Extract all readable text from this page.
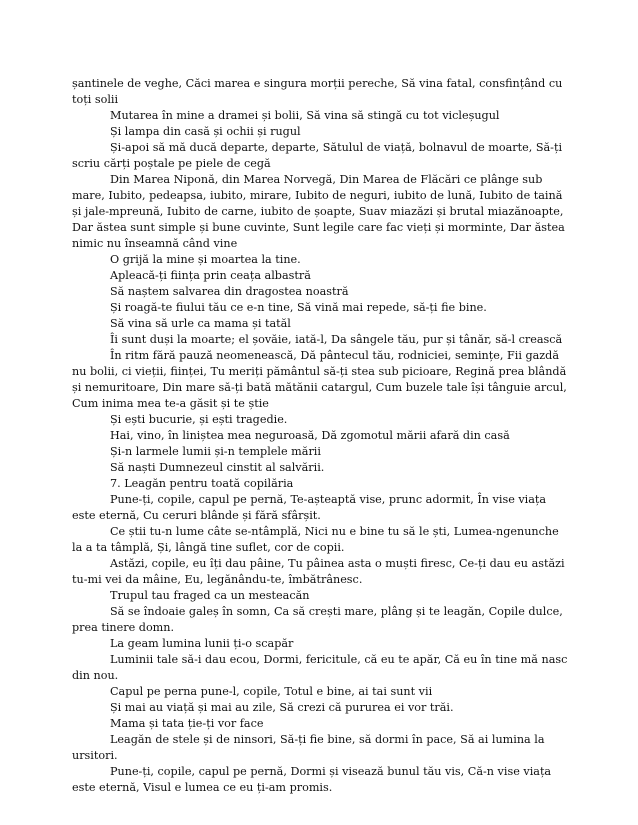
șantinele de veghe, Căci marea e singura morții pereche, Să vina fatal, consfințând cu toți solii

Mutarea în mine a dramei și bolii, Să vina să stingă cu tot vicleșugul

Și lampa din casă și ochii și rugul

Și-apoi să mă ducă departe, departe, Sătulul de viață, bolnavul de moarte, Să-ți scriu cărți poștale pe piele de cegă

Din Marea Niponă, din Marea Norvegă, Din Marea de Flăcări ce plânge sub mare, Iubito, pedeapsa, iubito, mirare, Iubito de neguri, iubito de lună, Iubito de taină și jale-mpreună, Iubito de carne, iubito de șoapte, Suav miazăzi și brutal miazănoapte, Dar ăstea sunt simple și bune cuvinte, Sunt legile care fac vieți și morminte, Dar ăstea nimic nu înseamnă când vine

O grijă la mine și moartea la tine.

Apleacă-ți ființa prin ceața albastră

Să naștem salvarea din dragostea noastră

Și roagă-te fiului tău ce e-n tine, Să vină mai repede, să-ți fie bine.

Să vina să urle ca mama și tatăl

Îi sunt duși la moarte; el șovăie, iată-l, Da sângele tău, pur și tânăr, să-l crească

În ritm fără pauză neomenească, Dă pântecul tău, rodniciei, semințe, Fii gazdă nu bolii, ci vieții, ființei, Tu meriți pământul să-ți stea sub picioare, Regină prea blândă și nemuritoare, Din mare să-ți bată mătănii catargul, Cum buzele tale își tânguie arcul, Cum inima mea te-a găsit și te știe

Și ești bucurie, și ești tragedie.

Hai, vino, în liniștea mea neguroasă, Dă zgomotul mării afară din casă

Și-n larmele lumii și-n templele mării

Să naști Dumnezeul cinstit al salvării.

7. Leagăn pentru toată copilăria

Pune-ți, copile, capul pe pernă, Te-așteaptă vise, prunc adormit, În vise viața este eternă, Cu ceruri blânde și fără sfârșit.

Ce știi tu-n lume câte se-ntâmplă, Nici nu e bine tu să le ști, Lumea-ngenunche la a ta tâmplă, Și, lângă tine suflet, cor de copii.

Astăzi, copile, eu îți dau pâine, Tu pâinea asta o muști firesc, Ce-ți dau eu astăzi tu-mi vei da mâine, Eu, legănându-te, îmbătrânesc.

Trupul tau fraged ca un mesteacăn

Să se îndoaie galeș în somn, Ca să crești mare, plâng și te leagăn, Copile dulce, prea tinere domn.

La geam lumina lunii ți-o scapăr

Luminii tale să-i dau ecou, Dormi, fericitule, că eu te apăr, Că eu în tine mă nasc din nou.

Capul pe perna pune-l, copile, Totul e bine, ai tai sunt vii

Și mai au viață și mai au zile, Să crezi că pururea ei vor trăi.

Mama și tata ție-ți vor face

Leagăn de stele și de ninsori, Să-ți fie bine, să dormi în pace, Să ai lumina la ursitori.

Pune-ți, copile, capul pe pernă, Dormi și visează bunul tău vis, Că-n vise viața este eternă, Visul e lumea ce eu ți-am promis.
